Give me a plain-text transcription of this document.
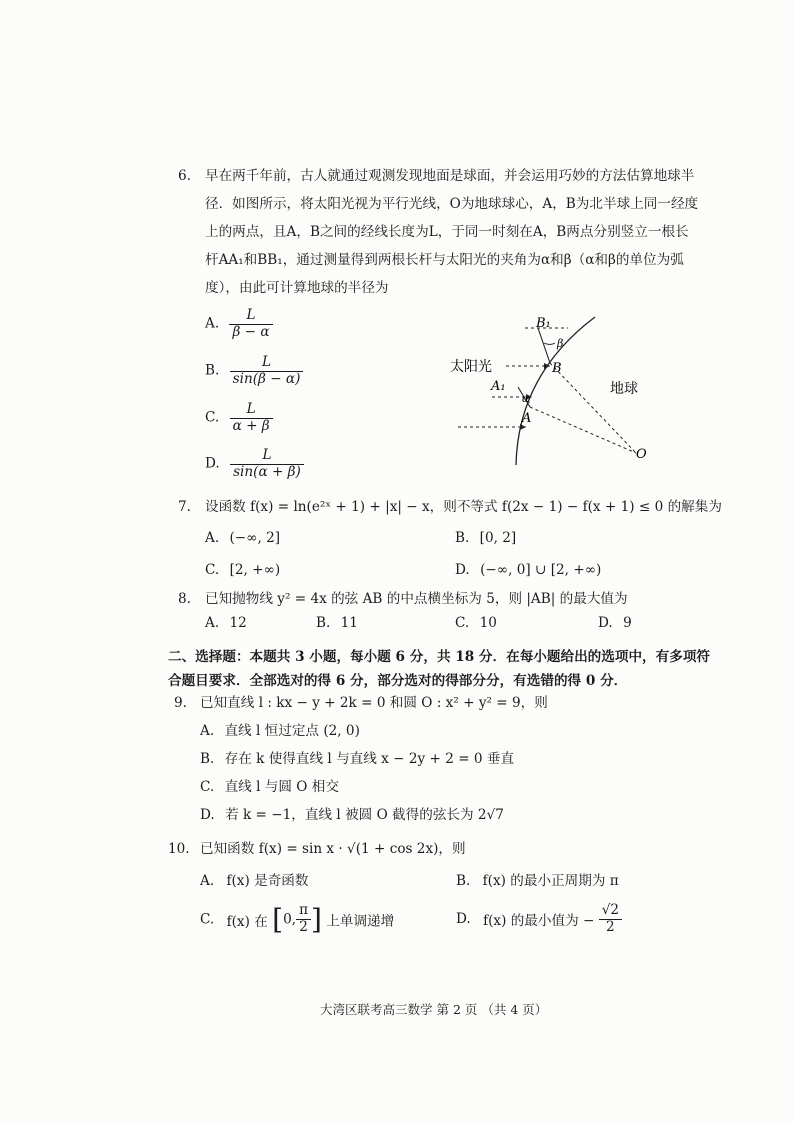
6. 早在两千年前，古人就通过观测发现地面是球面，并会运用巧妙的方法估算地球半
径．如图所示，将太阳光视为平行光线，O为地球球心，A，B为北半球上同一经度
上的两点，且A，B之间的经线长度为L，于同一时刻在A，B两点分别竖立一根长
杆AA₁和BB₁，通过测量得到两根长杆与太阳光的夹角为α和β（α和β的单位为弧
度），由此可计算地球的半径为
A. $\frac{L}{\beta - \alpha}$
B. $\frac{L}{\sin(\beta - \alpha)}$
C. $\frac{L}{\alpha + \beta}$
D. $\frac{L}{\sin(\alpha + \beta)}$
B₁
β
B
太阳光
地球
A₁
α
A
O
7. 设函数 f(x) = ln(e²ˣ + 1) + |x| − x，则不等式 f(2x − 1) − f(x + 1) ≤ 0 的解集为
A. (−∞, 2]	B. [0, 2]
C. [2, +∞)	D. (−∞, 0] ∪ [2, +∞)
8. 已知抛物线 y² = 4x 的弦 AB 的中点横坐标为 5，则 |AB| 的最大值为
A. 12	B. 11	C. 10	D. 9
二、选择题：本题共 3 小题，每小题 6 分，共 18 分．在每小题给出的选项中，有多项符
合题目要求．全部选对的得 6 分，部分选对的得部分分，有选错的得 0 分．
9. 已知直线 l : kx − y + 2k = 0 和圆 O : x² + y² = 9，则
A. 直线 l 恒过定点 (2, 0)
B. 存在 k 使得直线 l 与直线 x − 2y + 2 = 0 垂直
C. 直线 l 与圆 O 相交
D. 若 k = −1，直线 l 被圆 O 截得的弦长为 2√7
10. 已知函数 f(x) = sin x · √(1 + cos 2x)，则
A. f(x) 是奇函数	B. f(x) 的最小正周期为 π
C. f(x) 在 [0, $\frac{\pi}{2}$ ] 上单调递增	D. f(x) 的最小值为 − $\frac{√2}{2}$
大湾区联考高三数学 第 2 页 （共 4 页）
